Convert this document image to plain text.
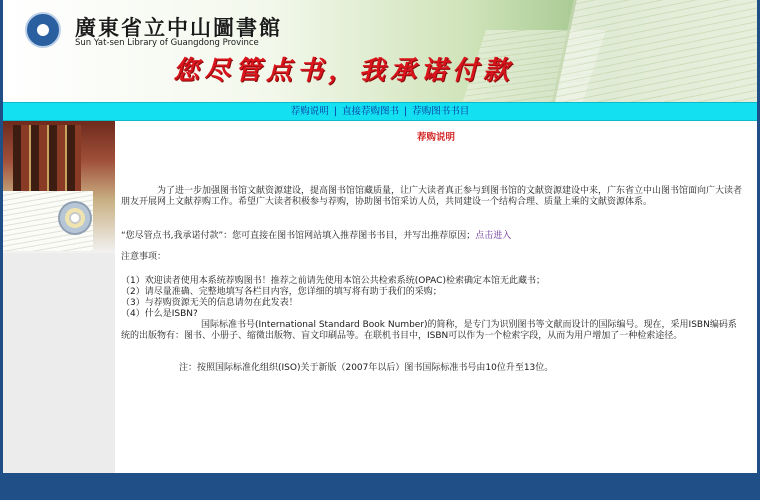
廣東省立中山圖書館
Sun Yat-sen Library of Guangdong Province
您尽管点书，我承诺付款
荐购说明 | 直接荐购图书 | 荐购图书书目
荐购说明
为了进一步加强图书馆文献资源建设，提高图书馆馆藏质量，让广大读者真正参与到图书馆的文献资源建设中来，广东省立中山图书馆面向广大读者朋友开展网上文献荐购工作。希望广大读者积极参与荐购，协助图书馆采访人员，共同建设一个结构合理、质量上乘的文献资源体系。
“您尽管点书,我承诺付款”：您可直接在图书馆网站填入推荐图书书目，并写出推荐原因；点击进入
注意事项：
（1）欢迎读者使用本系统荐购图书！推荐之前请先使用本馆公共检索系统(OPAC)检索确定本馆无此藏书；
（2）请尽量准确、完整地填写各栏目内容，您详细的填写将有助于我们的采购；
（3）与荐购资源无关的信息请勿在此发表！
（4）什么是ISBN?
国际标准书号(International Standard Book Number)的简称，是专门为识别图书等文献而设计的国际编号。现在，采用ISBN编码系统的出版物有：图书、小册子、缩微出版物、盲文印刷品等。在联机书目中，ISBN可以作为一个检索字段，从而为用户增加了一种检索途径。
注：按照国际标准化组织(ISO)关于新版（2007年以后）图书国际标准书号由10位升至13位。
